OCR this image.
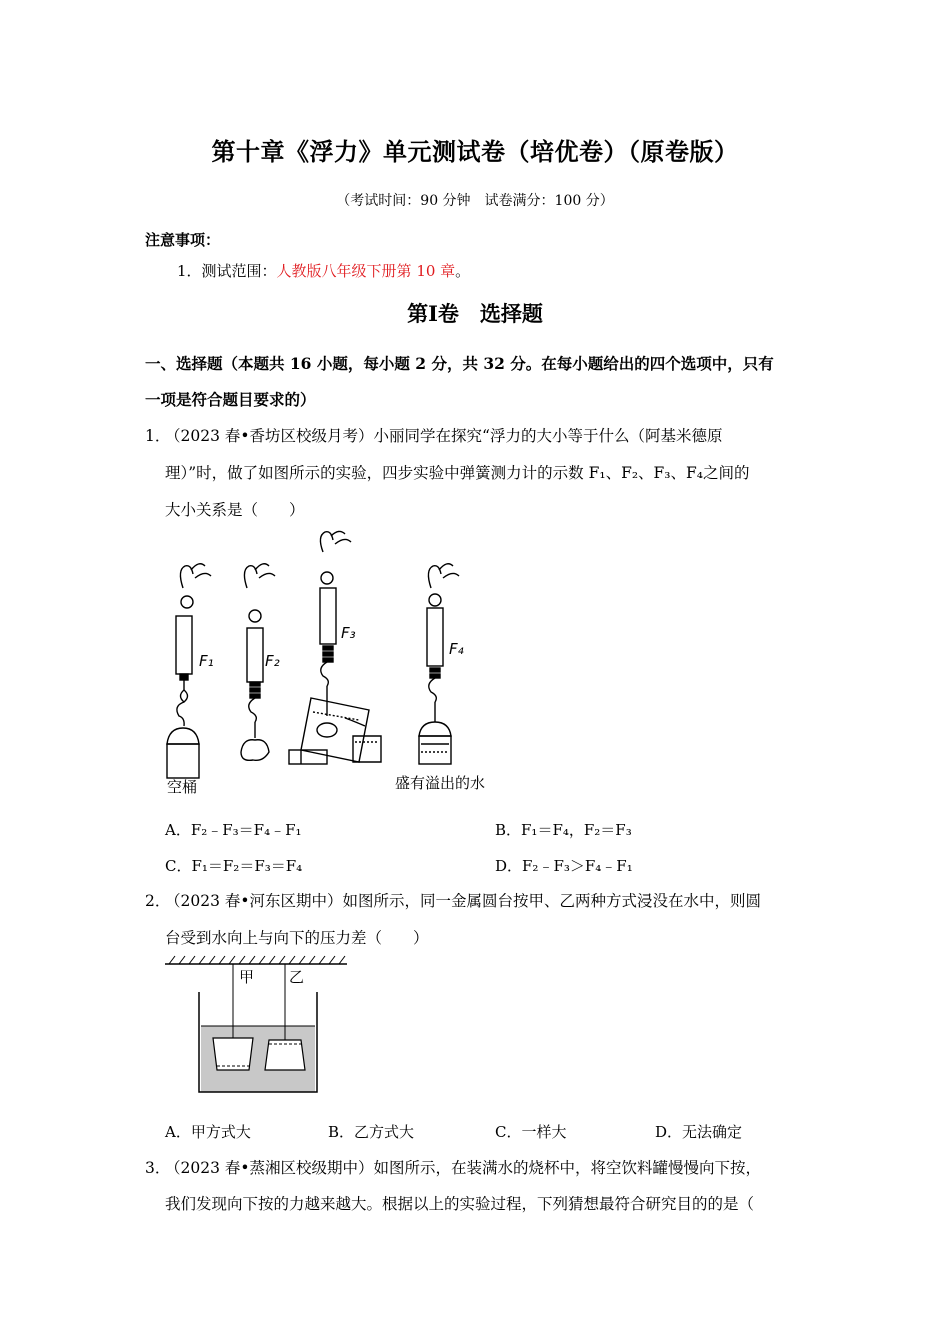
第十章《浮力》单元测试卷（培优卷）（原卷版）
（考试时间：90 分钟　试卷满分：100 分）
注意事项：
1．测试范围：人教版八年级下册第 10 章。
第Ⅰ卷　选择题
一、选择题（本题共 16 小题，每小题 2 分，共 32 分。在每小题给出的四个选项中，只有
一项是符合题目要求的）
1．
（2023 春•香坊区校级月考）小丽同学在探究“浮力的大小等于什么（阿基米德原
理）”时，做了如图所示的实验，四步实验中弹簧测力计的示数 F₁、F₂、F₃、F₄之间的
大小关系是（　　）
F₁	F₂
F₃
F₄
空桶	盛有溢出的水
A．F₂﹣F₃＝F₄﹣F₁	B．F₁＝F₄，F₂＝F₃
C．F₁＝F₂＝F₃＝F₄	D．F₂﹣F₃＞F₄﹣F₁
2．
（2023 春•河东区期中）如图所示，同一金属圆台按甲、乙两种方式浸没在水中，则圆
台受到水向上与向下的压力差（　　）
甲 乙
A．甲方式大	B．乙方式大	C．一样大	D．无法确定
3．
（2023 春•蒸湘区校级期中）如图所示，在装满水的烧杯中，将空饮料罐慢慢向下按，
我们发现向下按的力越来越大。根据以上的实验过程，下列猜想最符合研究目的的是（
